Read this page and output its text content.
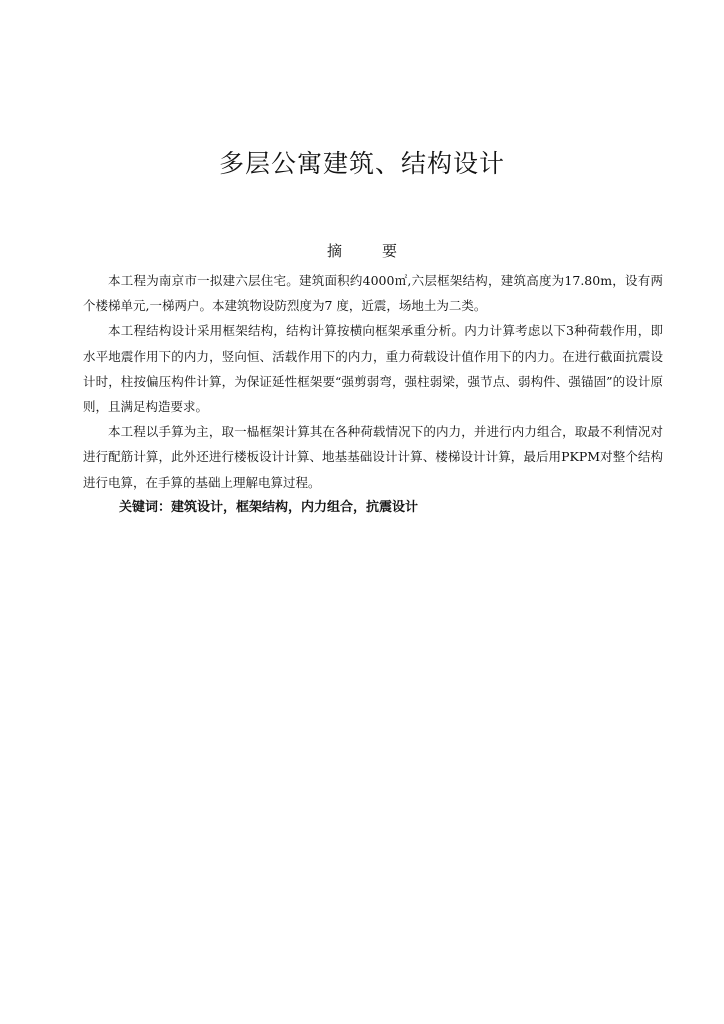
多层公寓建筑、结构设计
摘	要

本工程为南京市一拟建六层住宅。建筑面积约4000㎡,六层框架结构，建筑高度为17.80m，设有两个楼梯单元,一梯两户。本建筑物设防烈度为7 度，近震，场地土为二类。

本工程结构设计采用框架结构，结构计算按横向框架承重分析。内力计算考虑以下3种荷载作用，即水平地震作用下的内力，竖向恒、活载作用下的内力，重力荷载设计值作用下的内力。在进行截面抗震设计时，柱按偏压构件计算，为保证延性框架要“强剪弱弯，强柱弱梁，强节点、弱构件、强锚固”的设计原则，且满足构造要求。

本工程以手算为主，取一榀框架计算其在各种荷载情况下的内力，并进行内力组合，取最不利情况对进行配筋计算，此外还进行楼板设计计算、地基基础设计计算、楼梯设计计算，最后用PKPM对整个结构进行电算，在手算的基础上理解电算过程。

关键词：建筑设计，框架结构，内力组合，抗震设计
